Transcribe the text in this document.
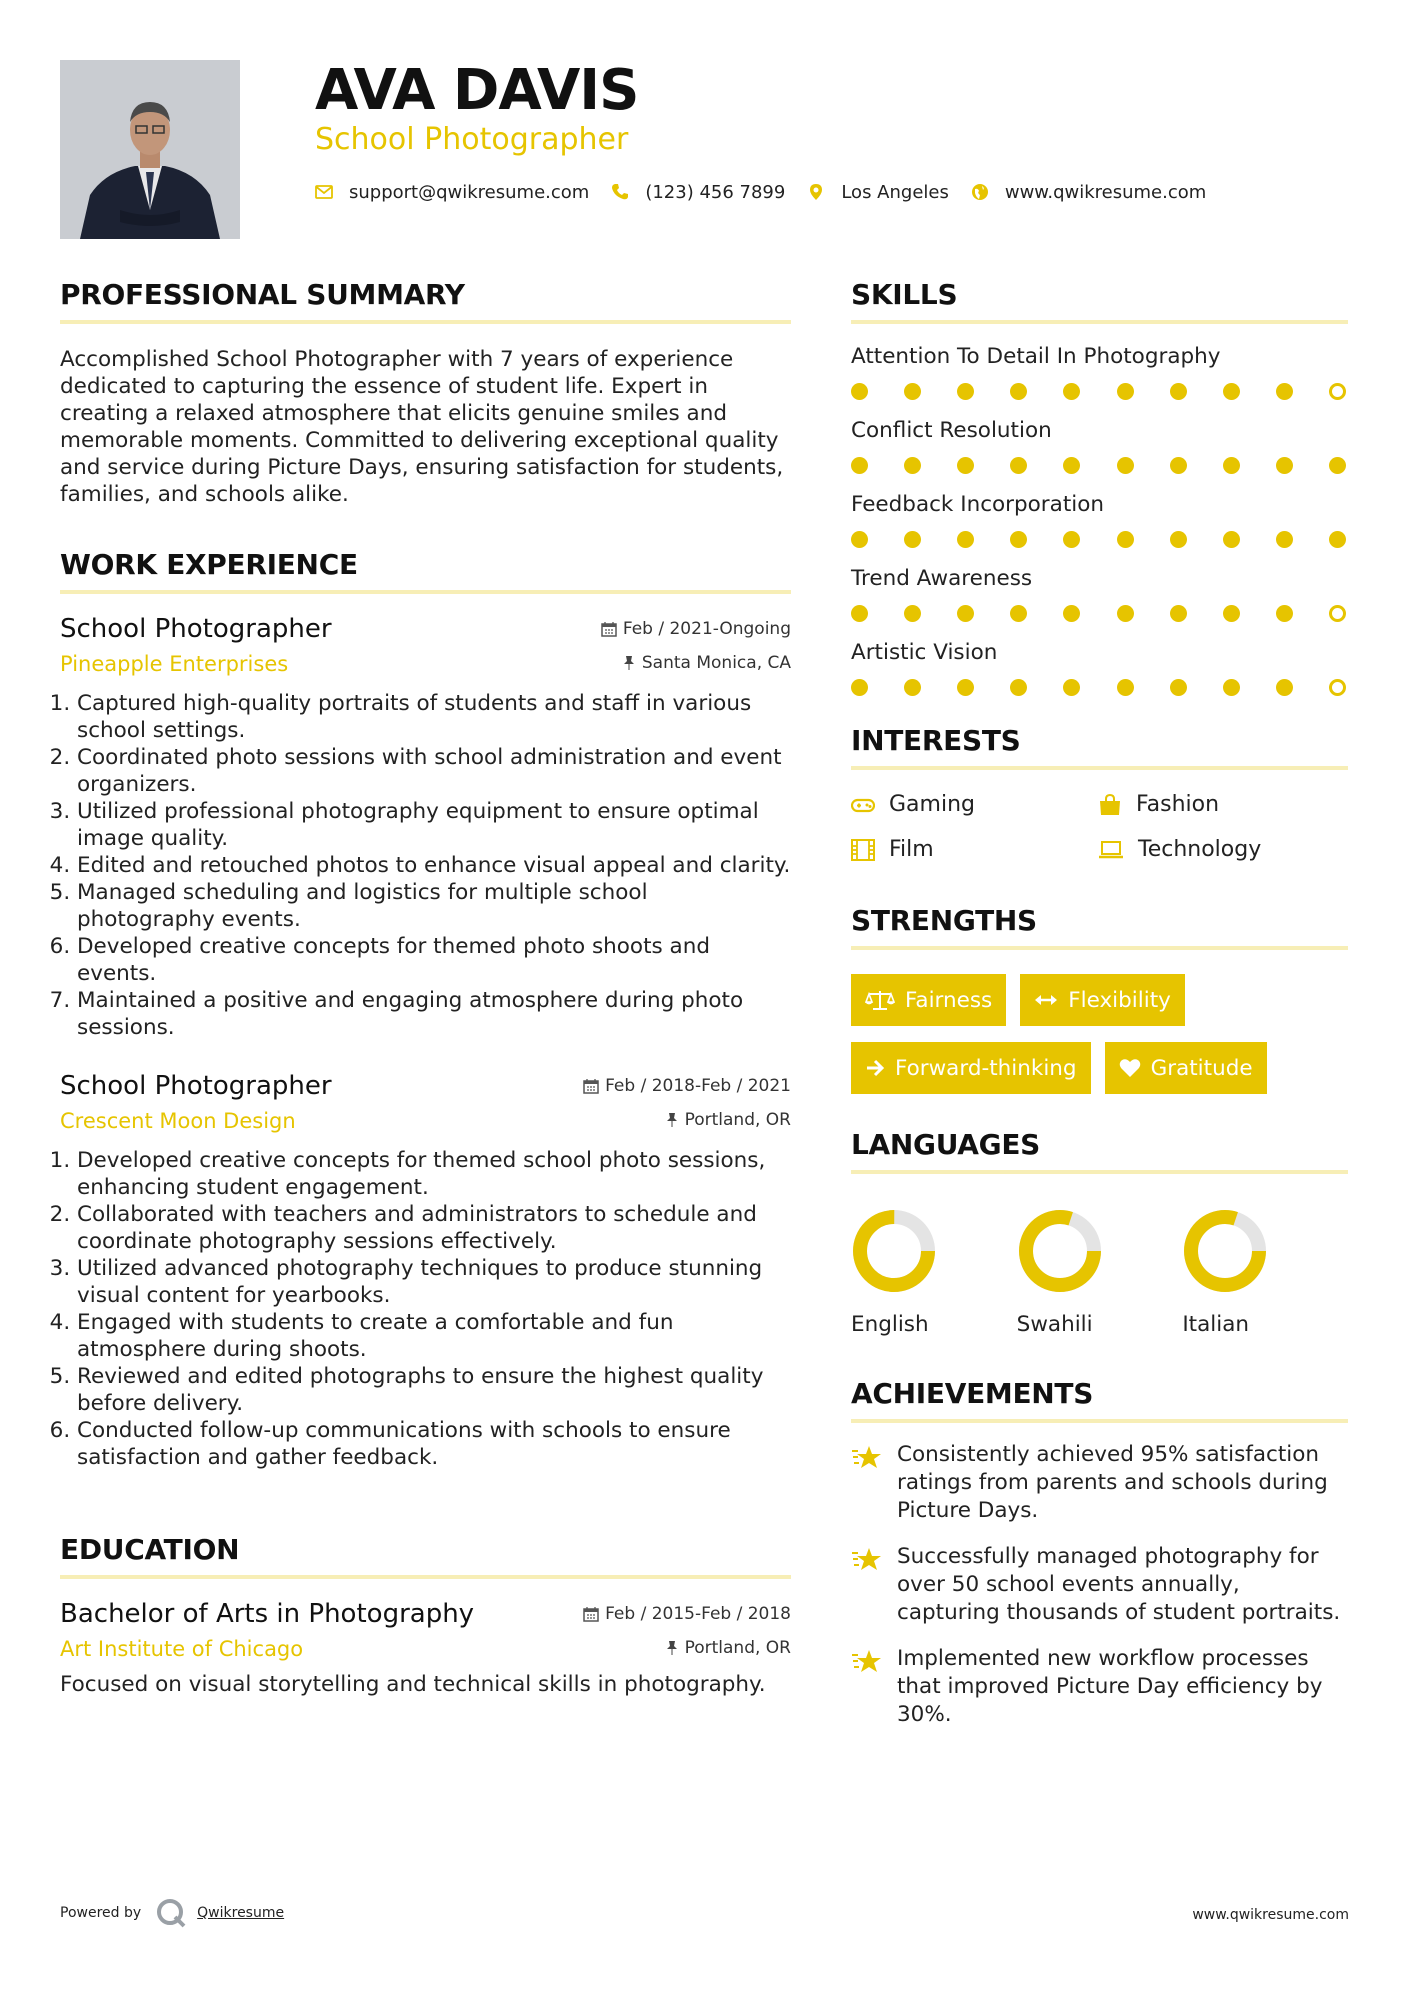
AVA DAVIS
School Photographer
support@qwikresume.com	(123) 456 7899	Los Angeles	www.qwikresume.com
PROFESSIONAL SUMMARY

Accomplished School Photographer with 7 years of experience dedicated to capturing the essence of student life. Expert in creating a relaxed atmosphere that elicits genuine smiles and memorable moments. Committed to delivering exceptional quality and service during Picture Days, ensuring satisfaction for students, families, and schools alike.

WORK EXPERIENCE
School Photographer	Feb / 2021-Ongoing
Pineapple Enterprises	Santa Monica, CA
1. Captured high-quality portraits of students and staff in various school settings.
2. Coordinated photo sessions with school administration and event organizers.
3. Utilized professional photography equipment to ensure optimal image quality.
4. Edited and retouched photos to enhance visual appeal and clarity.
5. Managed scheduling and logistics for multiple school photography events.
6. Developed creative concepts for themed photo shoots and events.
7. Maintained a positive and engaging atmosphere during photo sessions.
School Photographer	Feb / 2018-Feb / 2021
Crescent Moon Design	Portland, OR
1. Developed creative concepts for themed school photo sessions, enhancing student engagement.
2. Collaborated with teachers and administrators to schedule and coordinate photography sessions effectively.
3. Utilized advanced photography techniques to produce stunning visual content for yearbooks.
4. Engaged with students to create a comfortable and fun atmosphere during shoots.
5. Reviewed and edited photographs to ensure the highest quality before delivery.
6. Conducted follow-up communications with schools to ensure satisfaction and gather feedback.
EDUCATION
Bachelor of Arts in Photography	Feb / 2015-Feb / 2018
Art Institute of Chicago	Portland, OR

Focused on visual storytelling and technical skills in photography.

SKILLS

Attention To Detail In Photography

Conflict Resolution

Feedback Incorporation

Trend Awareness

Artistic Vision

INTERESTS
Gaming	Fashion
Film	Technology
STRENGTHS
Fairness	Flexibility
Forward-thinking	Gratitude
LANGUAGES
English	Swahili	Italian
ACHIEVEMENTS
Consistently achieved 95% satisfaction ratings from parents and schools during Picture Days.
Successfully managed photography for over 50 school events annually, capturing thousands of student portraits.
Implemented new workflow processes that improved Picture Day efficiency by 30%.
Powered by	Qwikresume	www.qwikresume.com
